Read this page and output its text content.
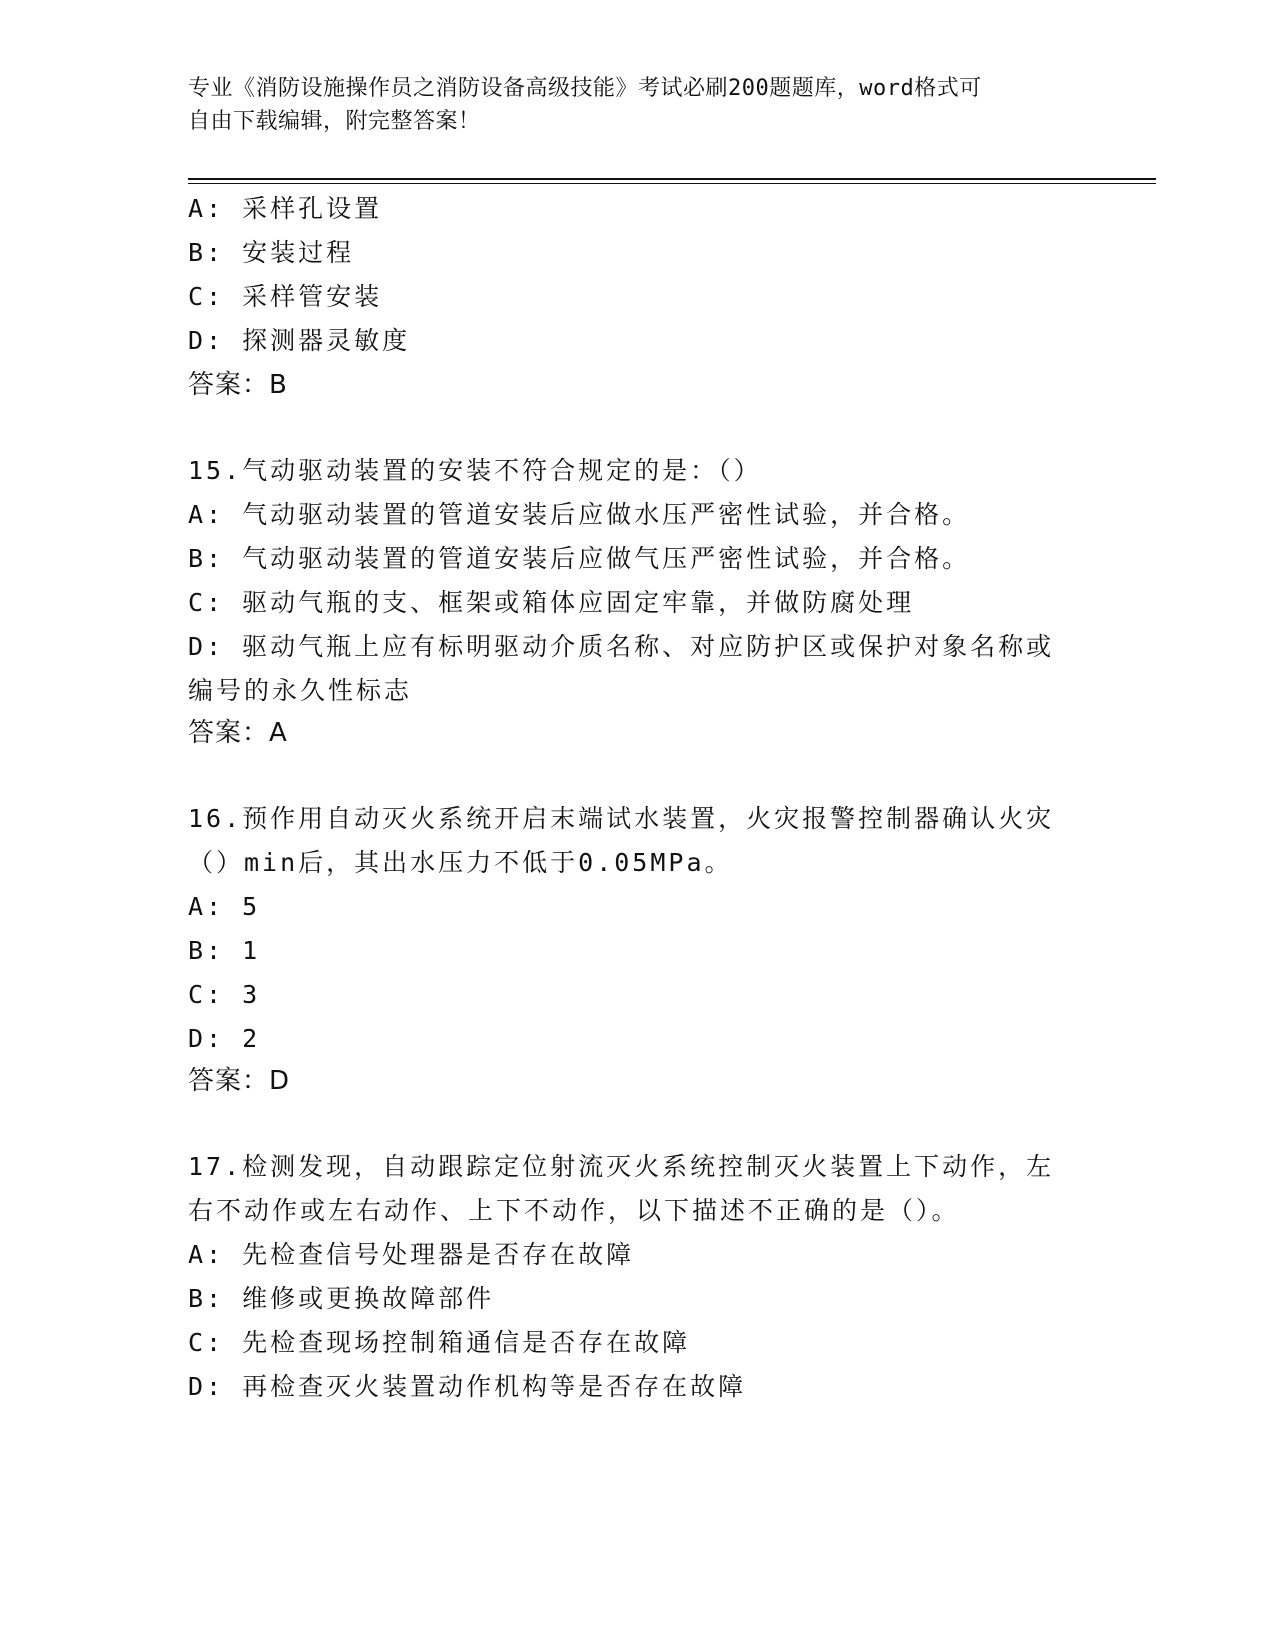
专业《消防设施操作员之消防设备高级技能》考试必刷200题题库，word格式可
自由下载编辑，附完整答案！
A: 采样孔设置
B: 安装过程
C: 采样管安装
D: 探测器灵敏度
答案：B
15.气动驱动装置的安装不符合规定的是：（）
A: 气动驱动装置的管道安装后应做水压严密性试验，并合格。
B: 气动驱动装置的管道安装后应做气压严密性试验，并合格。
C: 驱动气瓶的支、框架或箱体应固定牢靠，并做防腐处理
D: 驱动气瓶上应有标明驱动介质名称、对应防护区或保护对象名称或
编号的永久性标志
答案：A
16.预作用自动灭火系统开启末端试水装置，火灾报警控制器确认火灾
（）min后，其出水压力不低于0.05MPa。
A: 5
B: 1
C: 3
D: 2
答案：D
17.检测发现，自动跟踪定位射流灭火系统控制灭火装置上下动作，左
右不动作或左右动作、上下不动作，以下描述不正确的是（）。
A: 先检查信号处理器是否存在故障
B: 维修或更换故障部件
C: 先检查现场控制箱通信是否存在故障
D: 再检查灭火装置动作机构等是否存在故障
